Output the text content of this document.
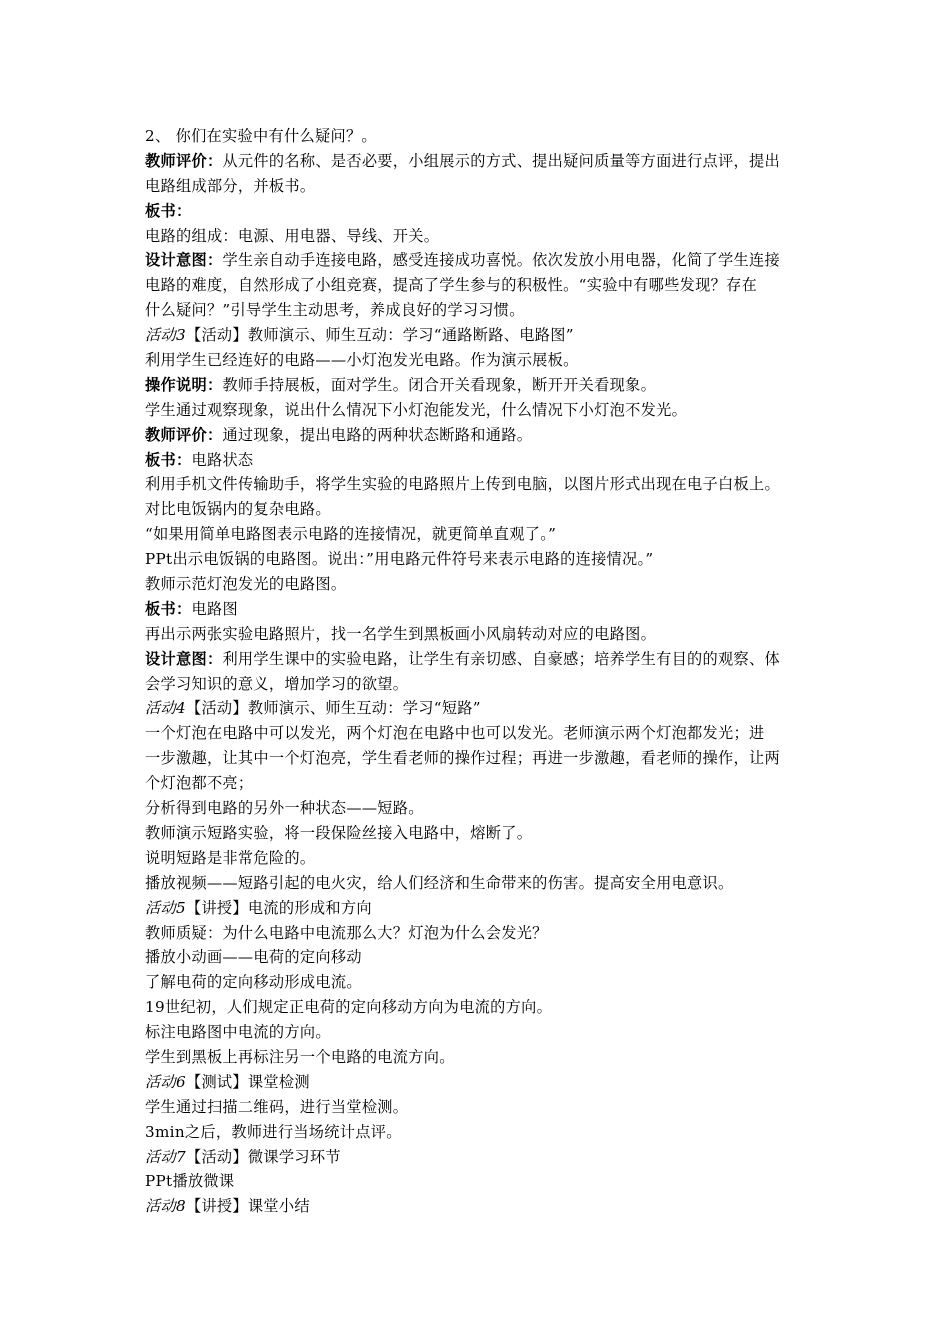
2、 你们在实验中有什么疑问？。
教师评价：从元件的名称、是否必要，小组展示的方式、提出疑问质量等方面进行点评，提出
电路组成部分，并板书。
板书：
电路的组成：电源、用电器、导线、开关。
设计意图：学生亲自动手连接电路，感受连接成功喜悦。依次发放小用电器，化简了学生连接
电路的难度，自然形成了小组竞赛，提高了学生参与的积极性。“实验中有哪些发现？存在
什么疑问？”引导学生主动思考，养成良好的学习习惯。
活动3【活动】教师演示、师生互动：学习“通路断路、电路图”
利用学生已经连好的电路——小灯泡发光电路。作为演示展板。
操作说明：教师手持展板，面对学生。闭合开关看现象，断开开关看现象。
学生通过观察现象，说出什么情况下小灯泡能发光，什么情况下小灯泡不发光。
教师评价：通过现象，提出电路的两种状态断路和通路。
板书：电路状态
利用手机文件传输助手，将学生实验的电路照片上传到电脑，以图片形式出现在电子白板上。
对比电饭锅内的复杂电路。
“如果用简单电路图表示电路的连接情况，就更简单直观了。”
PPt出示电饭锅的电路图。说出：”用电路元件符号来表示电路的连接情况。”
教师示范灯泡发光的电路图。
板书：电路图
再出示两张实验电路照片，找一名学生到黑板画小风扇转动对应的电路图。
设计意图：利用学生课中的实验电路，让学生有亲切感、自豪感；培养学生有目的的观察、体
会学习知识的意义，增加学习的欲望。
活动4【活动】教师演示、师生互动：学习“短路”
一个灯泡在电路中可以发光，两个灯泡在电路中也可以发光。老师演示两个灯泡都发光；进
一步激趣，让其中一个灯泡亮，学生看老师的操作过程；再进一步激趣，看老师的操作，让两
个灯泡都不亮；
分析得到电路的另外一种状态——短路。
教师演示短路实验，将一段保险丝接入电路中，熔断了。
说明短路是非常危险的。
播放视频——短路引起的电火灾，给人们经济和生命带来的伤害。提高安全用电意识。
活动5【讲授】电流的形成和方向
教师质疑：为什么电路中电流那么大？灯泡为什么会发光？
播放小动画——电荷的定向移动
了解电荷的定向移动形成电流。
19世纪初，人们规定正电荷的定向移动方向为电流的方向。
标注电路图中电流的方向。
学生到黑板上再标注另一个电路的电流方向。
活动6【测试】课堂检测
学生通过扫描二维码，进行当堂检测。
3min之后，教师进行当场统计点评。
活动7【活动】微课学习环节
PPt播放微课
活动8【讲授】课堂小结
